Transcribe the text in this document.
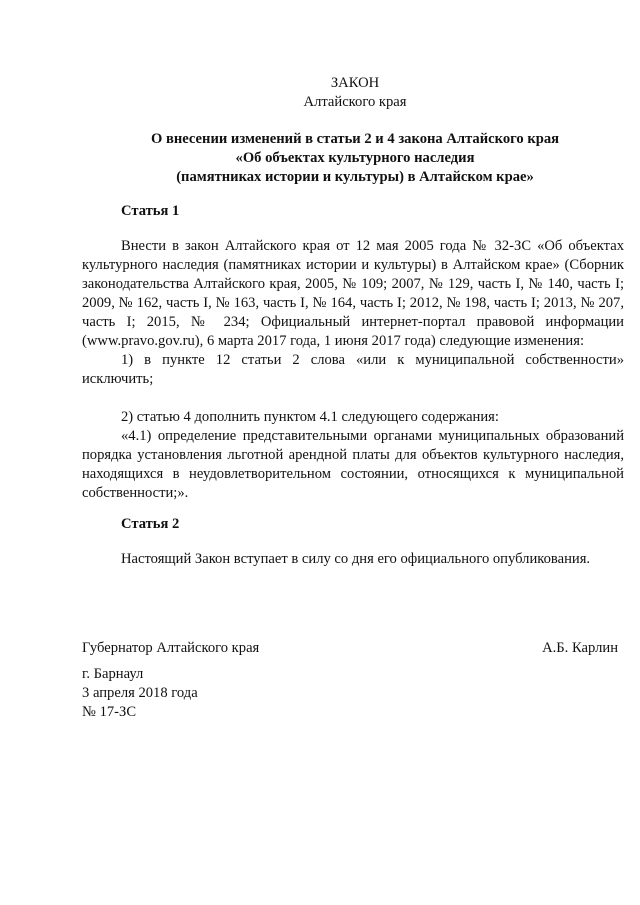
ЗАКОН
Алтайского края
О внесении изменений в статьи 2 и 4 закона Алтайского края
«Об объектах культурного наследия
(памятниках истории и культуры) в Алтайском крае»
Статья 1

Внести в закон Алтайского края от 12 мая 2005 года № 32-ЗС «Об объектах культурного наследия (памятниках истории и культуры) в Алтайском крае» (Сборник законодательства Алтайского края, 2005, № 109; 2007, № 129, часть I, № 140, часть I; 2009, № 162, часть I, № 163, часть I, № 164, часть I; 2012, № 198, часть I; 2013, № 207, часть I; 2015, № 234; Официальный интернет-портал правовой информации (www.pravo.gov.ru), 6 марта 2017 года, 1 июня 2017 года) следующие изменения:

1) в пункте 12 статьи 2 слова «или к муниципальной собственности» исключить;

2) статью 4 дополнить пунктом 4.1 следующего содержания:

«4.1) определение представительными органами муниципальных образований порядка установления льготной арендной платы для объектов культурного наследия, находящихся в неудовлетворительном состоянии, относящихся к муниципальной собственности;».

Статья 2

Настоящий Закон вступает в силу со дня его официального опубликования.

Губернатор Алтайского края	А.Б. Карлин
г. Барнаул
3 апреля 2018 года
№ 17-ЗС
